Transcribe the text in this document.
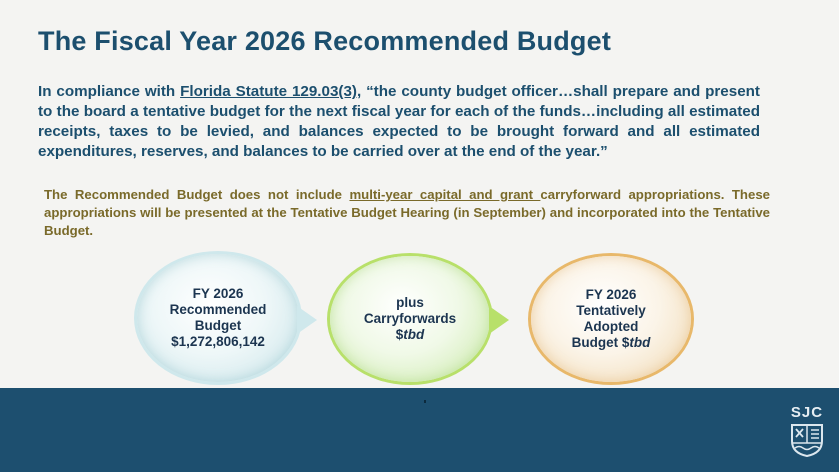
The Fiscal Year 2026 Recommended Budget

In compliance with Florida Statute 129.03(3), “the county budget officer…shall prepare and present to the board a tentative budget for the next fiscal year for each of the funds…including all estimated receipts, taxes to be levied, and balances expected to be brought forward and all estimated expenditures, reserves, and balances to be carried over at the end of the year.”

The Recommended Budget does not include multi-year capital and grant carryforward appropriations. These appropriations will be presented at the Tentative Budget Hearing (in September) and incorporated into the Tentative Budget.

FY 2026
Recommended
Budget
$1,272,806,142
plus
Carryforwards
$tbd
FY 2026
Tentatively
Adopted
Budget $tbd
SJC
